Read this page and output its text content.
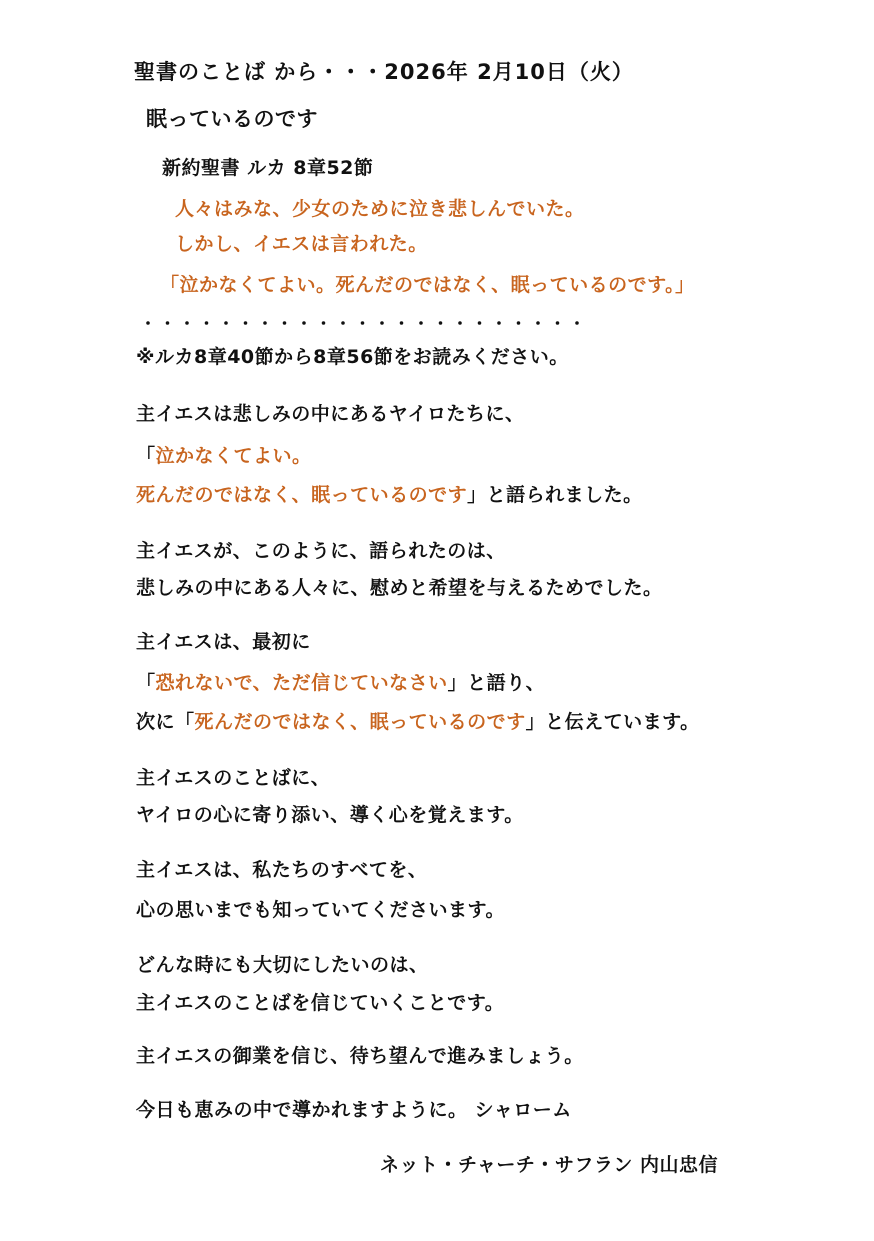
聖書のことば から・・・2026年 2月10日（火）
眠っているのです
新約聖書 ルカ 8章52節
人々はみな、少女のために泣き悲しんでいた。
しかし、イエスは言われた。
「泣かなくてよい。死んだのではなく、眠っているのです。」
・・・・・・・・・・・・・・・・・・・・・・・
※ルカ8章40節から8章56節をお読みください。
主イエスは悲しみの中にあるヤイロたちに、
「泣かなくてよい。
死んだのではなく、眠っているのです」と語られました。
主イエスが、このように、語られたのは、
悲しみの中にある人々に、慰めと希望を与えるためでした。
主イエスは、最初に
「恐れないで、ただ信じていなさい」と語り、
次に「死んだのではなく、眠っているのです」と伝えています。
主イエスのことばに、
ヤイロの心に寄り添い、導く心を覚えます。
主イエスは、私たちのすべてを、
心の思いまでも知っていてくださいます。
どんな時にも大切にしたいのは、
主イエスのことばを信じていくことです。
主イエスの御業を信じ、待ち望んで進みましょう。
今日も恵みの中で導かれますように。 シャローム
ネット・チャーチ・サフラン 内山忠信
